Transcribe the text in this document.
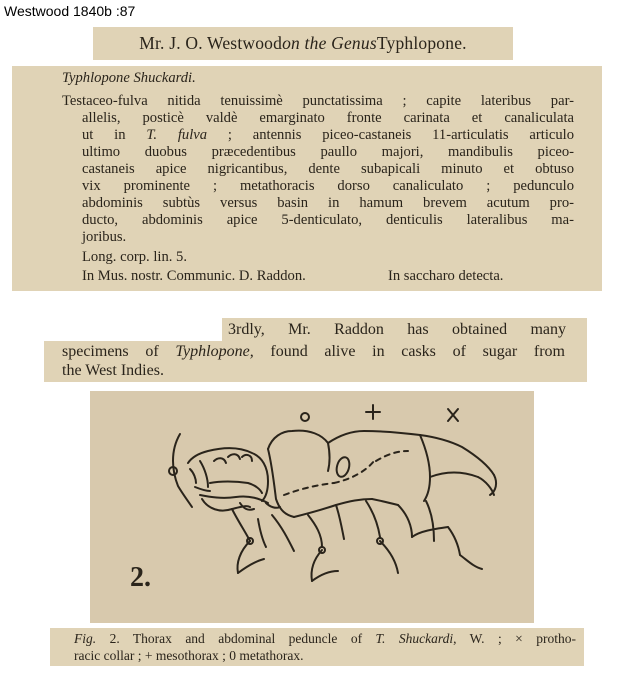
Westwood 1840b :87
Mr. J. O. Westwood on the Genus Typhlopone.
Typhlopone Shuckardi.
Testaceo-fulva nitida tenuissimè punctatissima ; capite lateribus par-
allelis, posticè valdè emarginato fronte carinata et canaliculata
ut in T. fulva ; antennis piceo-castaneis 11-articulatis articulo
ultimo duobus præcedentibus paullo majori, mandibulis piceo-
castaneis apice nigricantibus, dente subapicali minuto et obtuso
vix prominente ; metathoracis dorso canaliculato ; pedunculo
abdominis subtùs versus basin in hamum brevem acutum pro-
ducto, abdominis apice 5-denticulato, denticulis lateralibus ma-
joribus.
Long. corp. lin. 5.
In Mus. nostr. Communic. D. Raddon.	In saccharo detecta.
3rdly, Mr. Raddon has obtained many
specimens of Typhlopone, found alive in casks of sugar from
the West Indies.
2.
Fig. 2. Thorax and abdominal peduncle of T. Shuckardi, W. ; × protho-
racic collar ; + mesothorax ; 0 metathorax.
